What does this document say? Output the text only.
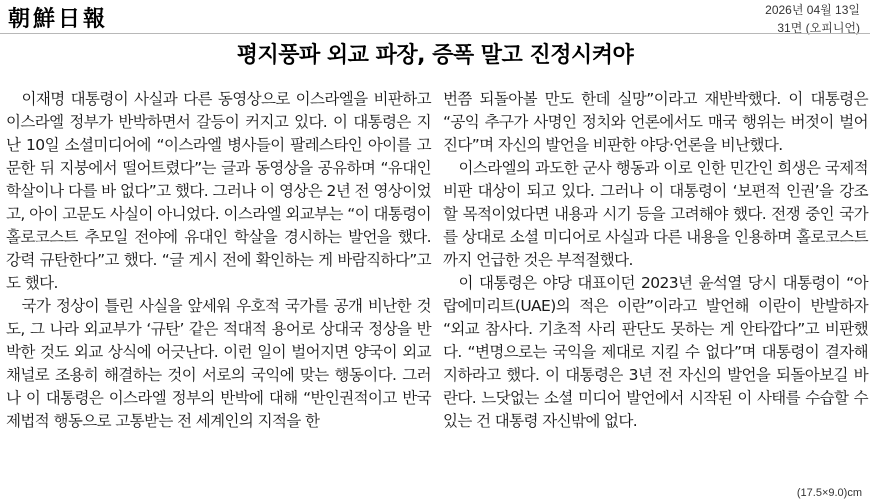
朝鮮日報	2026년 04월 13일
31면 (오피니언)
평지풍파 외교 파장, 증폭 말고 진정시켜야

이재명 대통령이 사실과 다른 동영상으로 이스라엘을 비판하고 이스라엘 정부가 반박하면서 갈등이 커지고 있다. 이 대통령은 지난 10일 소셜미디어에 “이스라엘 병사들이 팔레스타인 아이를 고문한 뒤 지붕에서 떨어트렸다”는 글과 동영상을 공유하며 “유대인 학살이나 다를 바 없다”고 했다. 그러나 이 영상은 2년 전 영상이었고, 아이 고문도 사실이 아니었다. 이스라엘 외교부는 “이 대통령이 홀로코스트 추모일 전야에 유대인 학살을 경시하는 발언을 했다. 강력 규탄한다”고 했다. “글 게시 전에 확인하는 게 바람직하다”고도 했다.

국가 정상이 틀린 사실을 앞세워 우호적 국가를 공개 비난한 것도, 그 나라 외교부가 ‘규탄’ 같은 적대적 용어로 상대국 정상을 반박한 것도 외교 상식에 어긋난다. 이런 일이 벌어지면 양국이 외교 채널로 조용히 해결하는 것이 서로의 국익에 맞는 행동이다. 그러나 이 대통령은 이스라엘 정부의 반박에 대해 “반인권적이고 반국제법적 행동으로 고통받는 전 세계인의 지적을 한

번쯤 되돌아볼 만도 한데 실망”이라고 재반박했다. 이 대통령은 “공익 추구가 사명인 정치와 언론에서도 매국 행위는 버젓이 벌어진다”며 자신의 발언을 비판한 야당·언론을 비난했다.

이스라엘의 과도한 군사 행동과 이로 인한 민간인 희생은 국제적 비판 대상이 되고 있다. 그러나 이 대통령이 ‘보편적 인권’을 강조할 목적이었다면 내용과 시기 등을 고려해야 했다. 전쟁 중인 국가를 상대로 소셜 미디어로 사실과 다른 내용을 인용하며 홀로코스트까지 언급한 것은 부적절했다.

이 대통령은 야당 대표이던 2023년 윤석열 당시 대통령이 “아랍에미리트(UAE)의 적은 이란”이라고 발언해 이란이 반발하자 “외교 참사다. 기초적 사리 판단도 못하는 게 안타깝다”고 비판했다. “변명으로는 국익을 제대로 지킬 수 없다”며 대통령이 결자해지하라고 했다. 이 대통령은 3년 전 자신의 발언을 되돌아보길 바란다. 느닷없는 소셜 미디어 발언에서 시작된 이 사태를 수습할 수 있는 건 대통령 자신밖에 없다.

(17.5×9.0)cm
